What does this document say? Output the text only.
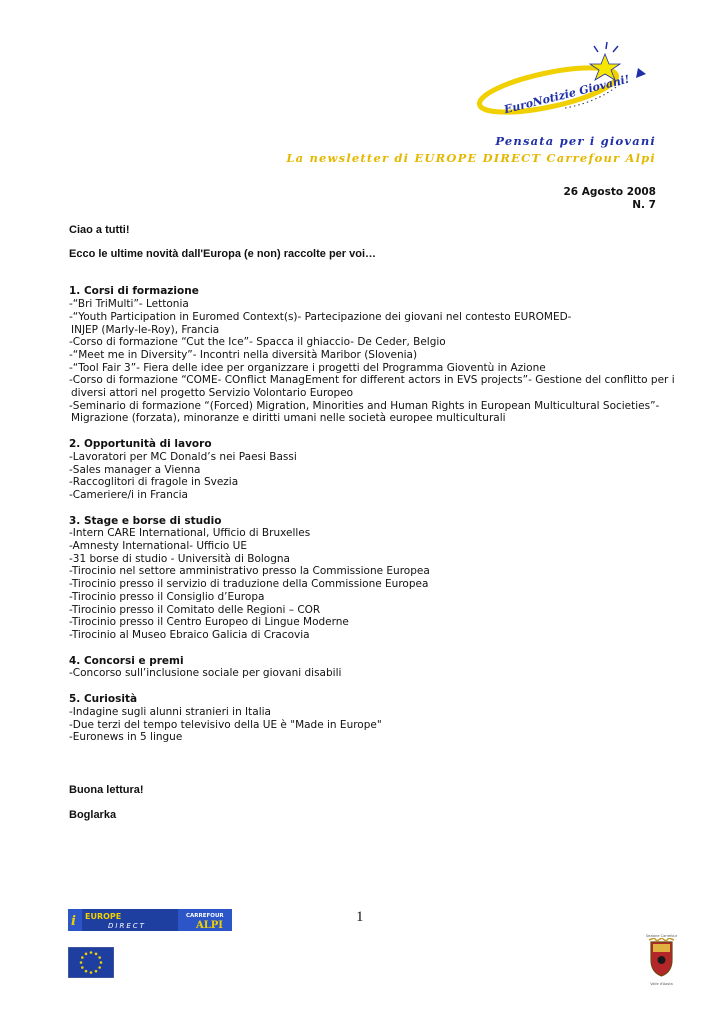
EuroNotizie Giovani!
Pensata per i giovani
La newsletter di EUROPE DIRECT Carrefour Alpi
26 Agosto 2008
N. 7
Ciao a tutti!
Ecco le ultime novità dall'Europa (e non) raccolte per voi…
1. Corsi di formazione
-“Bri TriMulti”- Lettonia
-“Youth Participation in Euromed Context(s)- Partecipazione dei giovani nel contesto EUROMED-
INJEP (Marly-le-Roy), Francia
-Corso di formazione “Cut the Ice”- Spacca il ghiaccio- De Ceder, Belgio
-“Meet me in Diversity”- Incontri nella diversità Maribor (Slovenia)
-“Tool Fair 3”- Fiera delle idee per organizzare i progetti del Programma Gioventù in Azione
-Corso di formazione “COME- COnflict ManagEment for different actors in EVS projects”- Gestione del conflitto per i
diversi attori nel progetto Servizio Volontario Europeo
-Seminario di formazione “(Forced) Migration, Minorities and Human Rights in European Multicultural Societies”-
Migrazione (forzata), minoranze e diritti umani nelle società europee multiculturali
2. Opportunità di lavoro
-Lavoratori per MC Donald’s nei Paesi Bassi
-Sales manager a Vienna
-Raccoglitori di fragole in Svezia
-Cameriere/i in Francia
3. Stage e borse di studio
-Intern CARE International, Ufficio di Bruxelles
-Amnesty International- Ufficio UE
-31 borse di studio - Università di Bologna
-Tirocinio nel settore amministrativo presso la Commissione Europea
-Tirocinio presso il servizio di traduzione della Commissione Europea
-Tirocinio presso il Consiglio d’Europa
-Tirocinio presso il Comitato delle Regioni – COR
-Tirocinio presso il Centro Europeo di Lingue Moderne
-Tirocinio al Museo Ebraico Galicia di Cracovia
4. Concorsi e premi
-Concorso sull’inclusione sociale per giovani disabili
5. Curiosità
-Indagine sugli alunni stranieri in Italia
-Due terzi del tempo televisivo della UE è "Made in Europe"
-Euronews in 5 lingue
Buona lettura!
Boglarka
i EUROPE
DIRECT
CARREFOUR
ALPI
1
Sezione Carrefour
Valle d'Aosta
